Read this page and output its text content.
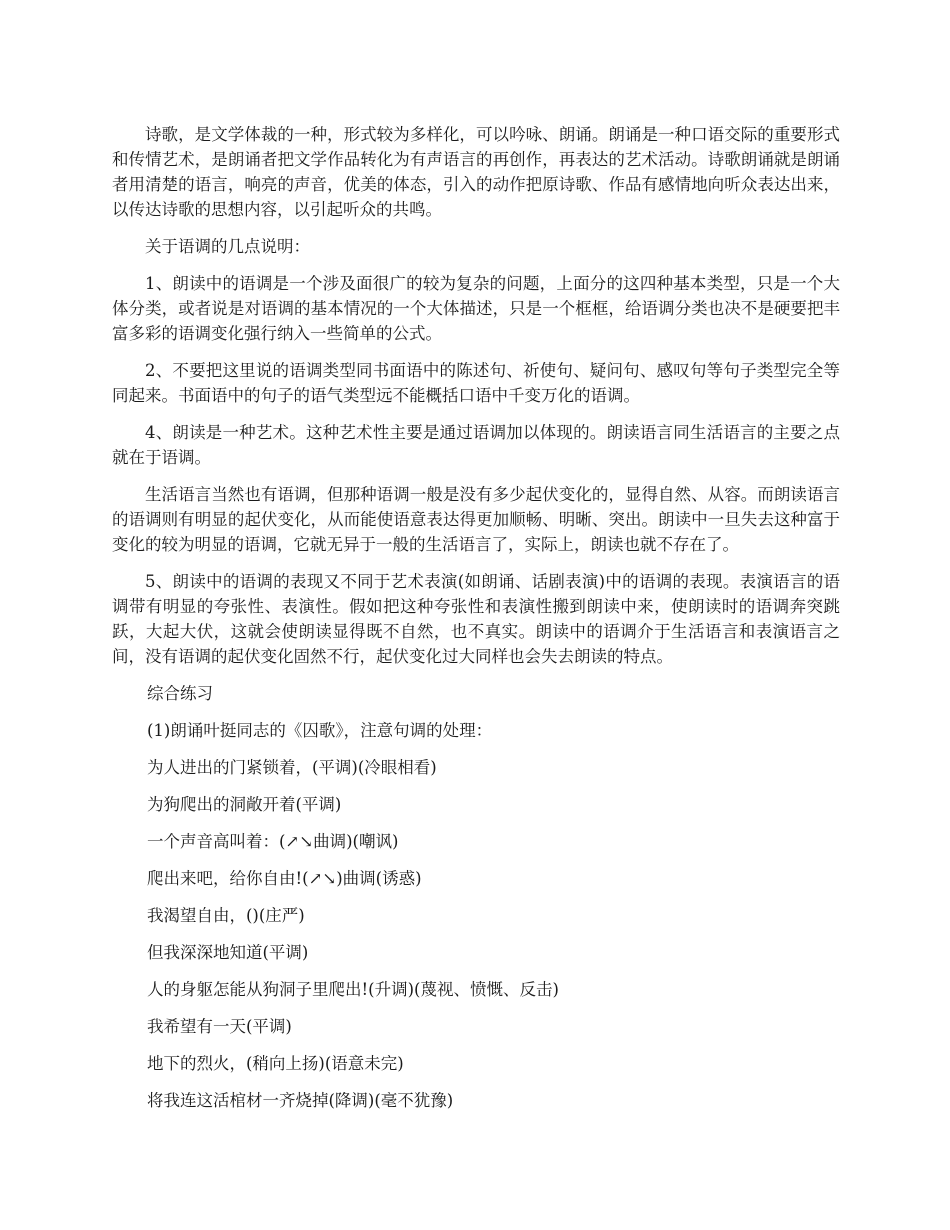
诗歌，是文学体裁的一种，形式较为多样化，可以吟咏、朗诵。朗诵是一种口语交际的重要形式和传情艺术，是朗诵者把文学作品转化为有声语言的再创作，再表达的艺术活动。诗歌朗诵就是朗诵者用清楚的语言，响亮的声音，优美的体态，引入的动作把原诗歌、作品有感情地向听众表达出来，以传达诗歌的思想内容，以引起听众的共鸣。

关于语调的几点说明：

1、朗读中的语调是一个涉及面很广的较为复杂的问题，上面分的这四种基本类型，只是一个大体分类，或者说是对语调的基本情况的一个大体描述，只是一个框框，给语调分类也决不是硬要把丰富多彩的语调变化强行纳入一些简单的公式。

2、不要把这里说的语调类型同书面语中的陈述句、祈使句、疑问句、感叹句等句子类型完全等同起来。书面语中的句子的语气类型远不能概括口语中千变万化的语调。

4、朗读是一种艺术。这种艺术性主要是通过语调加以体现的。朗读语言同生活语言的主要之点就在于语调。

生活语言当然也有语调，但那种语调一般是没有多少起伏变化的，显得自然、从容。而朗读语言的语调则有明显的起伏变化，从而能使语意表达得更加顺畅、明晰、突出。朗读中一旦失去这种富于变化的较为明显的语调，它就无异于一般的生活语言了，实际上，朗读也就不存在了。

5、朗读中的语调的表现又不同于艺术表演(如朗诵、话剧表演)中的语调的表现。表演语言的语调带有明显的夸张性、表演性。假如把这种夸张性和表演性搬到朗读中来，使朗读时的语调奔突跳跃，大起大伏，这就会使朗读显得既不自然，也不真实。朗读中的语调介于生活语言和表演语言之间，没有语调的起伏变化固然不行，起伏变化过大同样也会失去朗读的特点。

综合练习
(1)朗诵叶挺同志的《囚歌》，注意句调的处理：
为人进出的门紧锁着，(平调)(冷眼相看)
为狗爬出的洞敞开着(平调)
一个声音高叫着：(↗↘曲调)(嘲讽)
爬出来吧，给你自由!(↗↘)曲调(诱惑)
我渴望自由，()(庄严)
但我深深地知道(平调)
人的身躯怎能从狗洞子里爬出!(升调)(蔑视、愤慨、反击)
我希望有一天(平调)
地下的烈火，(稍向上扬)(语意未完)
将我连这活棺材一齐烧掉(降调)(毫不犹豫)
